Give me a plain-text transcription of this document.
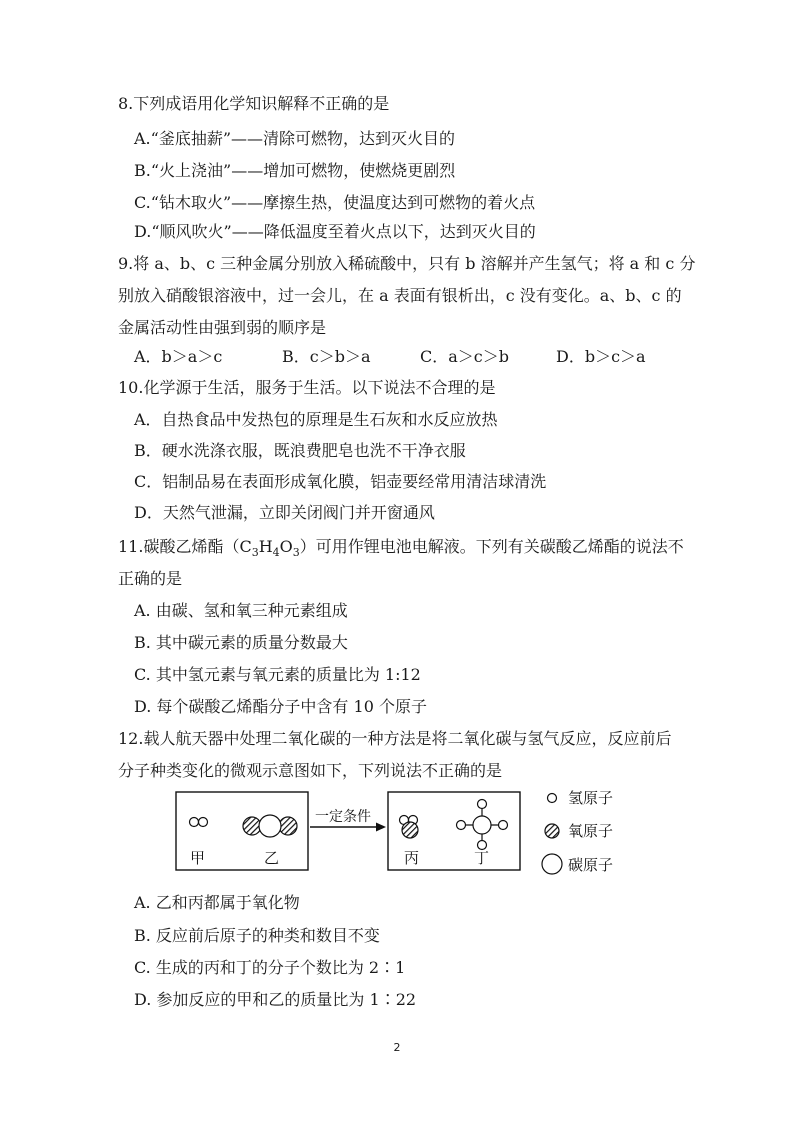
8.下列成语用化学知识解释不正确的是
A.“釜底抽薪”——清除可燃物，达到灭火目的
B.“火上浇油”——增加可燃物，使燃烧更剧烈
C.“钻木取火”——摩擦生热，使温度达到可燃物的着火点
D.“顺风吹火”——降低温度至着火点以下，达到灭火目的
9.将 a、b、c 三种金属分别放入稀硫酸中，只有 b 溶解并产生氢气；将 a 和 c 分
别放入硝酸银溶液中，过一会儿，在 a 表面有银析出，c 没有变化。a、b、c 的
金属活动性由强到弱的顺序是
A．b＞a＞c	B．c＞b＞a	C．a＞c＞b	D．b＞c＞a
10.化学源于生活，服务于生活。以下说法不合理的是
A．自热食品中发热包的原理是生石灰和水反应放热
B．硬水洗涤衣服，既浪费肥皂也洗不干净衣服
C．铝制品易在表面形成氧化膜，铝壶要经常用清洁球清洗
D．天然气泄漏，立即关闭阀门并开窗通风
11.碳酸乙烯酯$(C_3H_4O_3)$可用作锂电池电解液。下列有关碳酸乙烯酯的说法不
正确的是
A. 由碳、氢和氧三种元素组成
B. 其中碳元素的质量分数最大
C. 其中氢元素与氧元素的质量比为 1:12
D. 每个碳酸乙烯酯分子中含有 10 个原子
12.载人航天器中处理二氧化碳的一种方法是将二氧化碳与氢气反应，反应前后
分子种类变化的微观示意图如下，下列说法不正确的是
甲	乙
一定条件
丙	丁
氢原子
氧原子
碳原子
A. 乙和丙都属于氧化物
B. 反应前后原子的种类和数目不变
C. 生成的丙和丁的分子个数比为 2∶1
D. 参加反应的甲和乙的质量比为 1∶22
2
